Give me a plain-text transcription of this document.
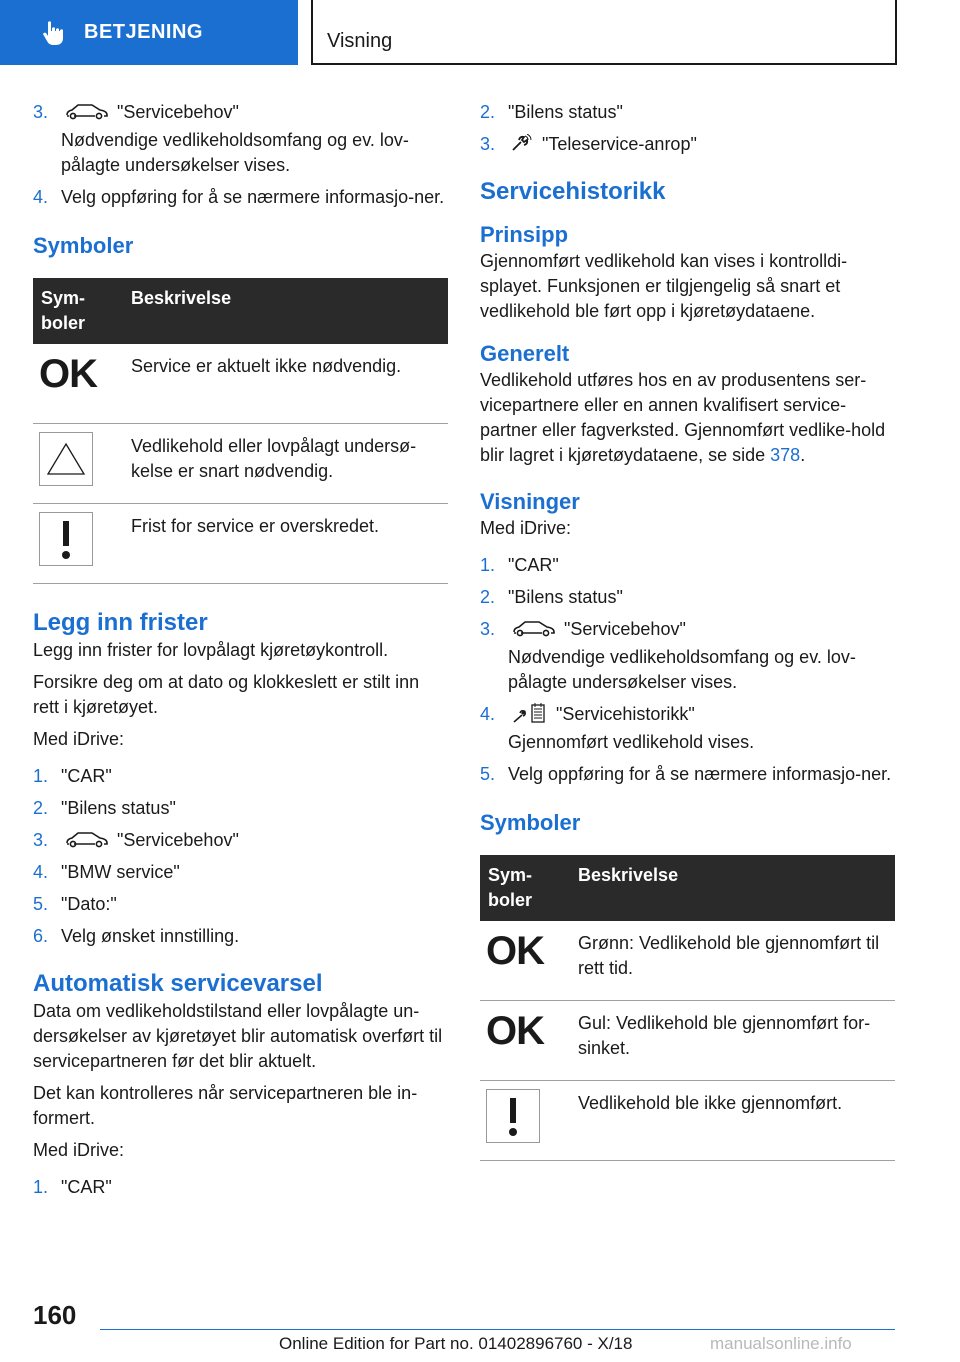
BETJENING	Visning
3.	"Servicebehov"
Nødvendige vedlikeholdsomfang og ev. lov-pålagte undersøkelser vises.
4. Velg oppføring for å se nærmere informasjo-ner.
Symboler
Sym-boler	Beskrivelse

OK	Service er aktuelt ikke nødvendig.

	Vedlikehold eller lovpålagt undersø-kelse er snart nødvendig.

	Frist for service er overskredet.
Legg inn frister

Legg inn frister for lovpålagt kjøretøykontroll.

Forsikre deg om at dato og klokkeslett er stilt inn rett i kjøretøyet.

Med iDrive:

1. "CAR"
2. "Bilens status"
3.	"Servicebehov"
4. "BMW service"
5. "Dato:"
6. Velg ønsket innstilling.
Automatisk servicevarsel

Data om vedlikeholdstilstand eller lovpålagte un-dersøkelser av kjøretøyet blir automatisk overført til servicepartneren før det blir aktuelt.

Det kan kontrolleres når servicepartneren ble in-formert.

Med iDrive:

1. "CAR"
2. "Bilens status"
3.	"Teleservice-anrop"
Servicehistorikk
Prinsipp

Gjennomført vedlikehold kan vises i kontrolldi-splayet. Funksjonen er tilgjengelig så snart et vedlikehold ble ført opp i kjøretøydataene.

Generelt

Vedlikehold utføres hos en av produsentens ser-vicepartnere eller en annen kvalifisert service-partner eller fagverksted. Gjennomført vedlike-hold blir lagret i kjøretøydataene, se side 378.

Visninger

Med iDrive:

1. "CAR"
2. "Bilens status"
3.	"Servicebehov"
Nødvendige vedlikeholdsomfang og ev. lov-pålagte undersøkelser vises.
4.	"Servicehistorikk"
Gjennomført vedlikehold vises.
5. Velg oppføring for å se nærmere informasjo-ner.
Symboler
Sym-boler	Beskrivelse

OK	Grønn: Vedlikehold ble gjennomført til rett tid.

OK	Gul: Vedlikehold ble gjennomført for-sinket.

	Vedlikehold ble ikke gjennomført.
160
Online Edition for Part no. 01402896760 - X/18	manualsonline.info
